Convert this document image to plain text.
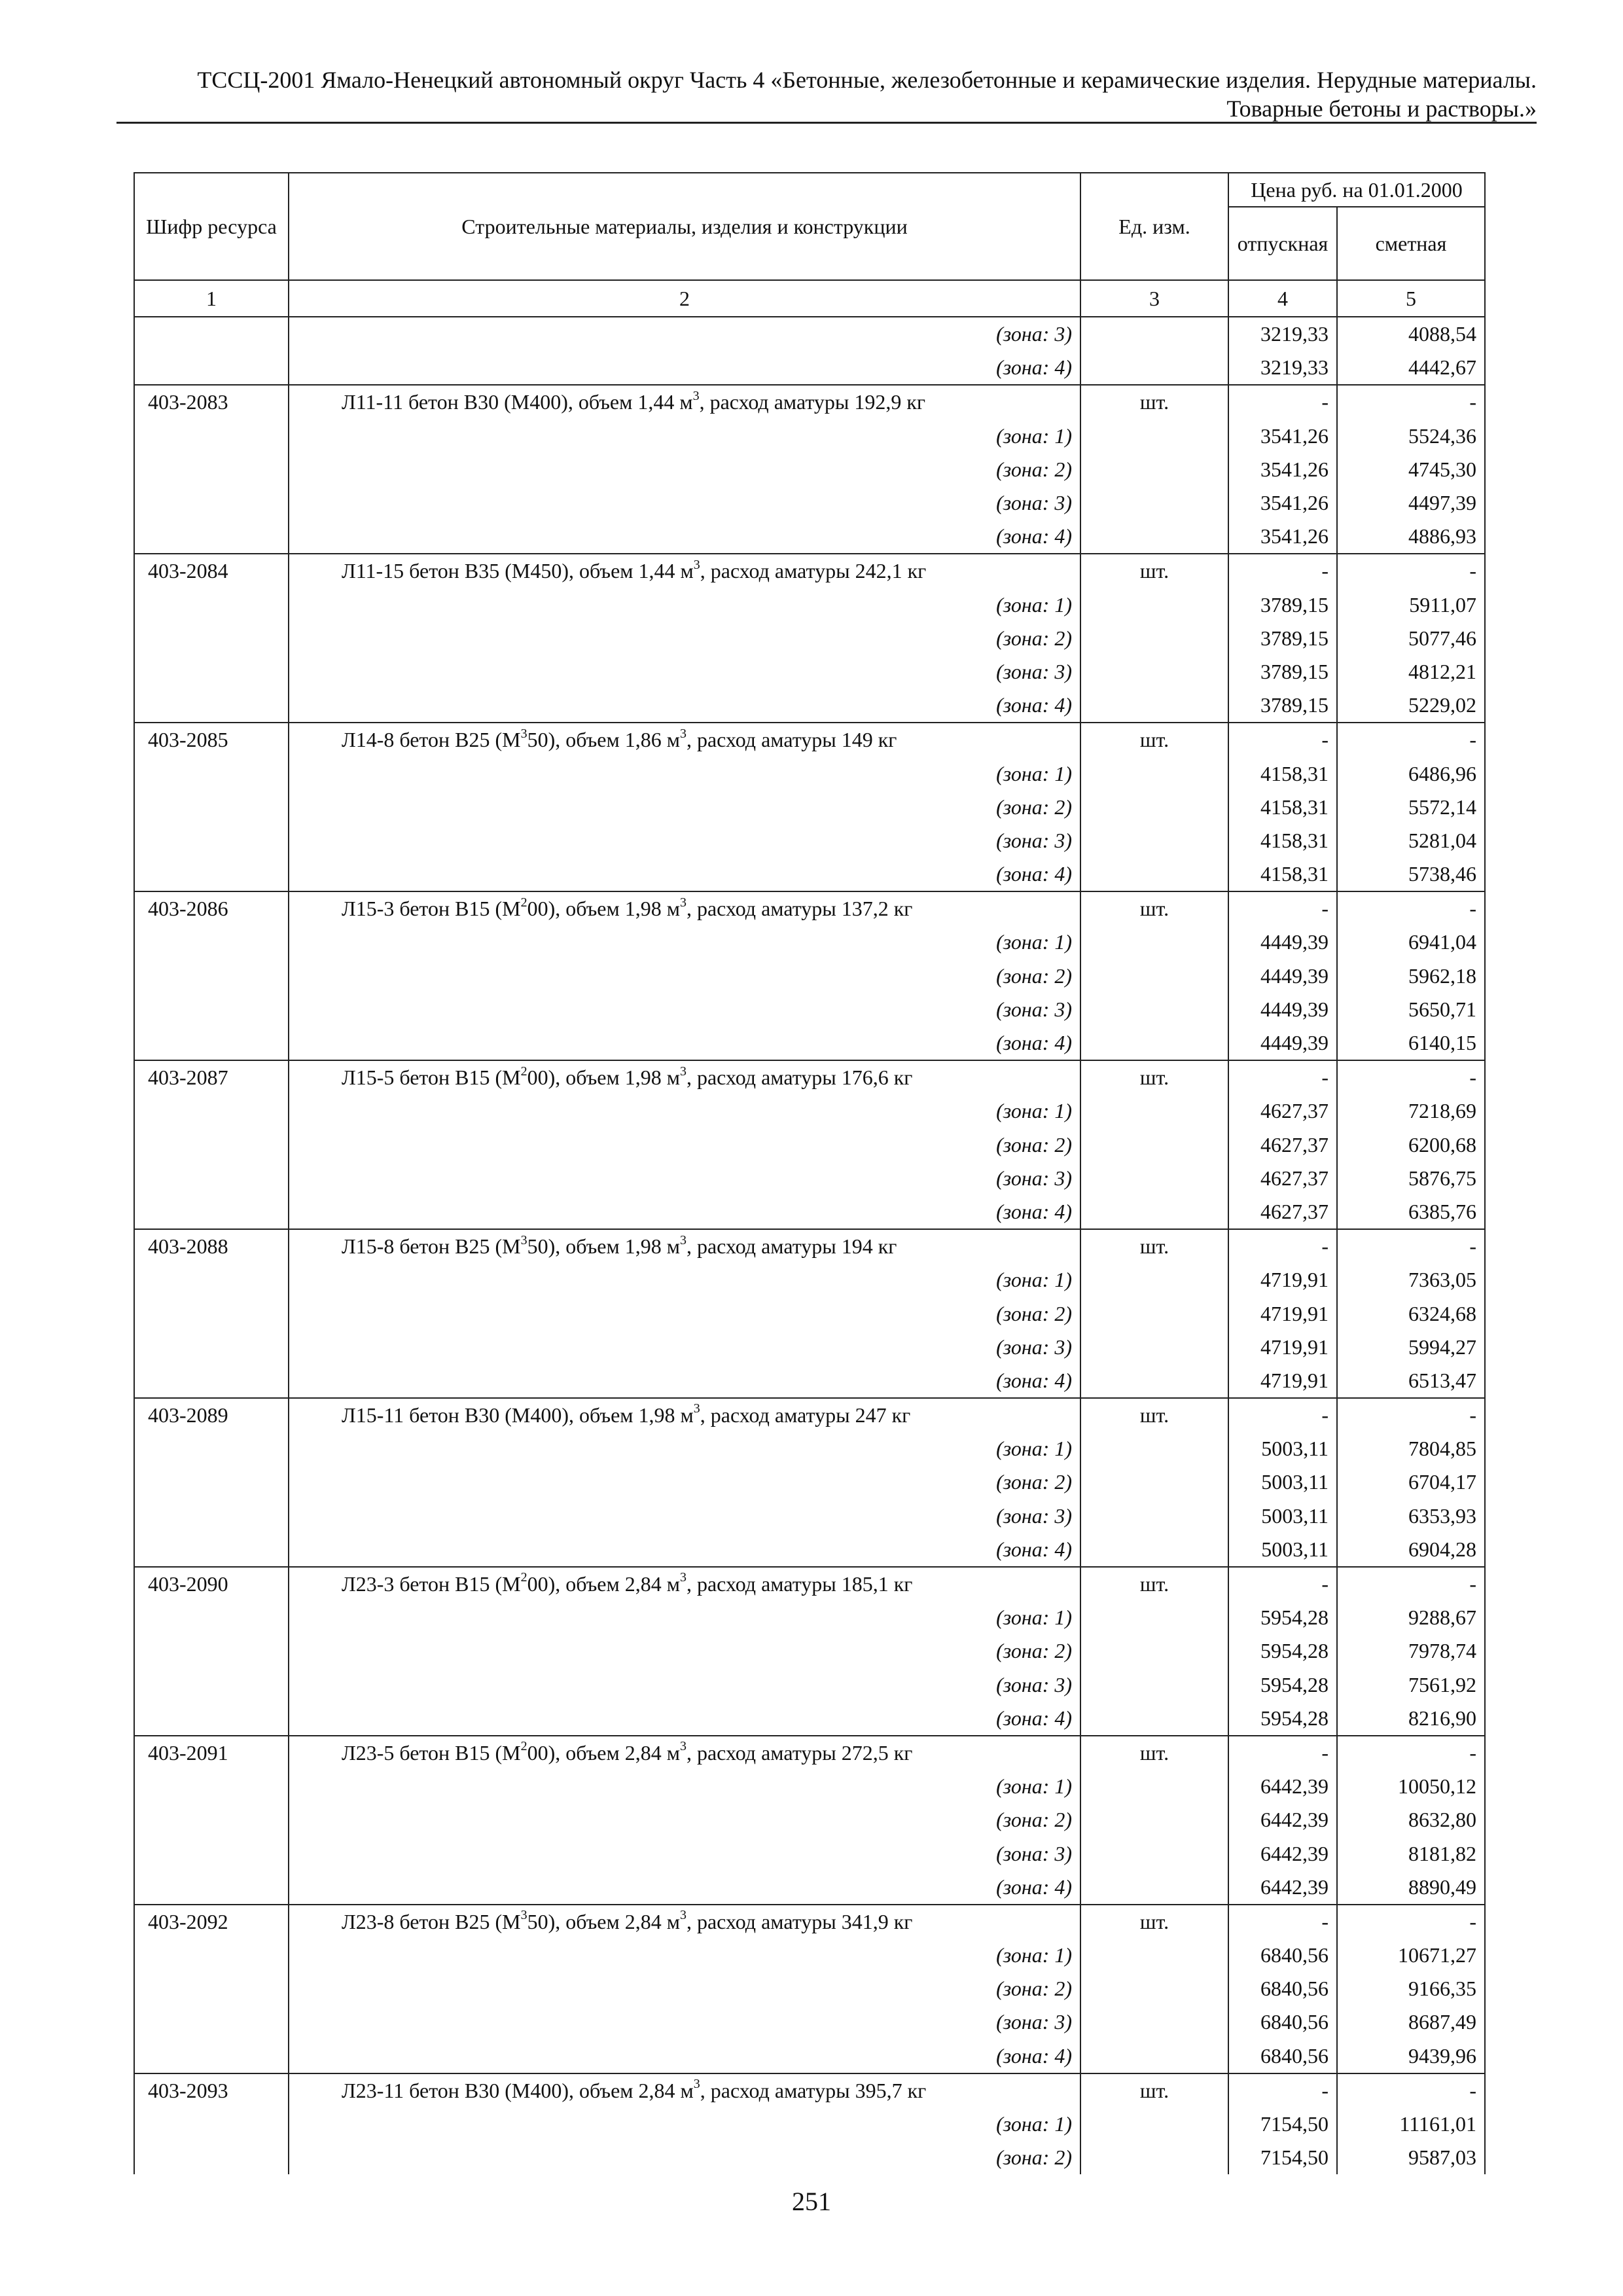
ТССЦ-2001 Ямало-Ненецкий автономный округ Часть 4 «Бетонные, железобетонные и керамические изделия. Нерудные материалы.
Товарные бетоны и растворы.»
Шифр ресурса	Строительные материалы, изделия и конструкции	Ед. изм.	Цена руб. на 01.01.2000	
			отпускная	сметная
1	2	3	4	5
	(зона: 3)		3219,33	4088,54
	(зона: 4)		3219,33	4442,67
403-2083	Л11-11 бетон В30 (М400), объем 1,44 $м^3$, расход аматуры 192,9 кг	шт.	-	-
	(зона: 1)		3541,26	5524,36
	(зона: 2)		3541,26	4745,30
	(зона: 3)		3541,26	4497,39
	(зона: 4)		3541,26	4886,93
403-2084	Л11-15 бетон В35 (М450), объем 1,44 $м^3$, расход аматуры 242,1 кг	шт.	-	-
	(зона: 1)		3789,15	5911,07
	(зона: 2)		3789,15	5077,46
	(зона: 3)		3789,15	4812,21
	(зона: 4)		3789,15	5229,02
403-2085	Л14-8 бетон В25 $(М^350)$, объем 1,86 $м^3$, расход аматуры 149 кг	шт.	-	-
	(зона: 1)		4158,31	6486,96
	(зона: 2)		4158,31	5572,14
	(зона: 3)		4158,31	5281,04
	(зона: 4)		4158,31	5738,46
403-2086	Л15-3 бетон В15 $(М^200)$, объем 1,98 $м^3$, расход аматуры 137,2 кг	шт.	-	-
	(зона: 1)		4449,39	6941,04
	(зона: 2)		4449,39	5962,18
	(зона: 3)		4449,39	5650,71
	(зона: 4)		4449,39	6140,15
403-2087	Л15-5 бетон В15 $(М^200)$, объем 1,98 $м^3$, расход аматуры 176,6 кг	шт.	-	-
	(зона: 1)		4627,37	7218,69
	(зона: 2)		4627,37	6200,68
	(зона: 3)		4627,37	5876,75
	(зона: 4)		4627,37	6385,76
403-2088	Л15-8 бетон В25 $(М^350)$, объем 1,98 $м^3$, расход аматуры 194 кг	шт.	-	-
	(зона: 1)		4719,91	7363,05
	(зона: 2)		4719,91	6324,68
	(зона: 3)		4719,91	5994,27
	(зона: 4)		4719,91	6513,47
403-2089	Л15-11 бетон В30 (М400), объем 1,98 $м^3$, расход аматуры 247 кг	шт.	-	-
	(зона: 1)		5003,11	7804,85
	(зона: 2)		5003,11	6704,17
	(зона: 3)		5003,11	6353,93
	(зона: 4)		5003,11	6904,28
403-2090	Л23-3 бетон В15 $(М^200)$, объем 2,84 $м^3$, расход аматуры 185,1 кг	шт.	-	-
	(зона: 1)		5954,28	9288,67
	(зона: 2)		5954,28	7978,74
	(зона: 3)		5954,28	7561,92
	(зона: 4)		5954,28	8216,90
403-2091	Л23-5 бетон В15 $(М^200)$, объем 2,84 $м^3$, расход аматуры 272,5 кг	шт.	-	-
	(зона: 1)		6442,39	10050,12
	(зона: 2)		6442,39	8632,80
	(зона: 3)		6442,39	8181,82
	(зона: 4)		6442,39	8890,49
403-2092	Л23-8 бетон В25 $(М^350)$, объем 2,84 $м^3$, расход аматуры 341,9 кг	шт.	-	-
	(зона: 1)		6840,56	10671,27
	(зона: 2)		6840,56	9166,35
	(зона: 3)		6840,56	8687,49
	(зона: 4)		6840,56	9439,96
403-2093	Л23-11 бетон В30 (М400), объем 2,84 $м^3$, расход аматуры 395,7 кг	шт.	-	-
	(зона: 1)		7154,50	11161,01
	(зона: 2)		7154,50	9587,03
251
